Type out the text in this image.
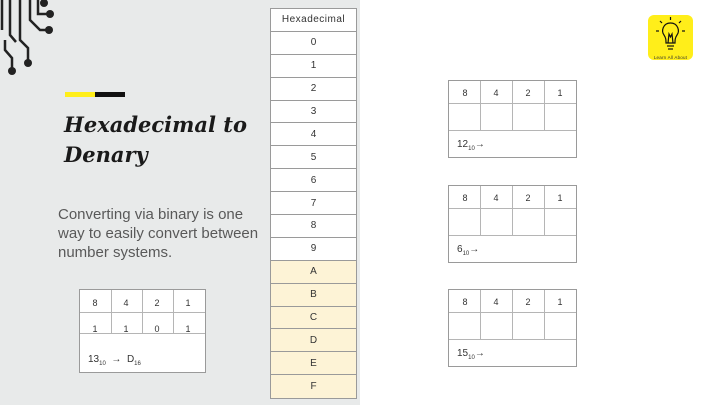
Hexadecimal to Denary
Converting via binary is one way to easily convert between number systems.
8	4	2	1
1	1	0	1
$13_{10} \to D_{16}$
Hexadecimal
0
1
2
3
4
5
6
7
8
9
A
B
C
D
E
F
8	4	2	1
$12_{10}\to$
8	4	2	1
$6_{10}\to$
8	4	2	1
$15_{10}\to$
Learn All About
